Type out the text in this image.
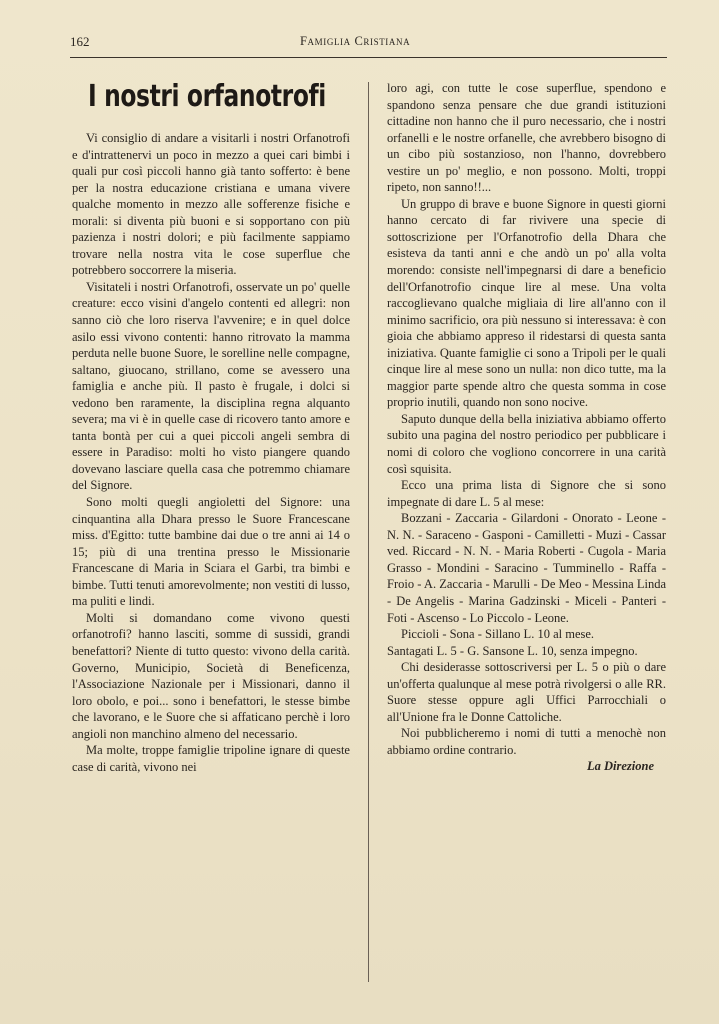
162	Famiglia Cristiana
I nostri orfanotrofi

Vi consiglio di andare a visitarli i nostri Orfanotrofi e d'intrattenervi un poco in mezzo a quei cari bimbi i quali pur così piccoli hanno già tanto sofferto: è bene per la nostra educazione cristiana e umana vivere qualche momento in mezzo alle sofferenze fisiche e morali: si diventa più buoni e si sopportano con più pazienza i nostri dolori; e più facilmente sappiamo trovare nella nostra vita le cose superflue che potrebbero soccorrere la miseria.

Visitateli i nostri Orfanotrofi, osservate un po' quelle creature: ecco visini d'angelo contenti ed allegri: non sanno ciò che loro riserva l'avvenire; e in quel dolce asilo essi vivono contenti: hanno ritrovato la mamma perduta nelle buone Suore, le sorelline nelle compagne, saltano, giuocano, strillano, come se avessero una famiglia e anche più. Il pasto è frugale, i dolci si vedono ben raramente, la disciplina regna alquanto severa; ma vi è in quelle case di ricovero tanto amore e tanta bontà per cui a quei piccoli angeli sembra di essere in Paradiso: molti ho visto piangere quando dovevano lasciare quella casa che potremmo chiamare del Signore.

Sono molti quegli angioletti del Signore: una cinquantina alla Dhara presso le Suore Francescane miss. d'Egitto: tutte bambine dai due o tre anni ai 14 o 15; più di una trentina presso le Missionarie Francescane di Maria in Sciara el Garbi, tra bimbi e bimbe. Tutti tenuti amorevolmente; non vestiti di lusso, ma puliti e lindi.

Molti si domandano come vivono questi orfanotrofi? hanno lasciti, somme di sussidi, grandi benefattori? Niente di tutto questo: vivono della carità. Governo, Municipio, Società di Beneficenza, l'Associazione Nazionale per i Missionari, danno il loro obolo, e poi... sono i benefattori, le stesse bimbe che lavorano, e le Suore che si affaticano perchè i loro angioli non manchino almeno del necessario.

Ma molte, troppe famiglie tripoline ignare di queste case di carità, vivono nei

loro agi, con tutte le cose superflue, spendono e spandono senza pensare che due grandi istituzioni cittadine non hanno che il puro necessario, che i nostri orfanelli e le nostre orfanelle, che avrebbero bisogno di un cibo più sostanzioso, non l'hanno, dovrebbero vestire un po' meglio, e non possono. Molti, troppi ripeto, non sanno!!...

Un gruppo di brave e buone Signore in questi giorni hanno cercato di far rivivere una specie di sottoscrizione per l'Orfanotrofio della Dhara che esisteva da tanti anni e che andò un po' alla volta morendo: consiste nell'impegnarsi di dare a beneficio dell'Orfanotrofio cinque lire al mese. Una volta raccoglievano qualche migliaia di lire all'anno con il minimo sacrificio, ora più nessuno si interessava: è con gioia che abbiamo appreso il ridestarsi di questa santa iniziativa. Quante famiglie ci sono a Tripoli per le quali cinque lire al mese sono un nulla: non dico tutte, ma la maggior parte spende altro che questa somma in cose proprio inutili, quando non sono nocive.

Saputo dunque della bella iniziativa abbiamo offerto subito una pagina del nostro periodico per pubblicare i nomi di coloro che vogliono concorrere in una carità così squisita.

Ecco una prima lista di Signore che si sono impegnate di dare L. 5 al mese:

Bozzani - Zaccaria - Gilardoni - Onorato - Leone - N. N. - Saraceno - Gasponi - Camilletti - Muzi - Cassar ved. Riccard - N. N. - Maria Roberti - Cugola - Maria Grasso - Mondini - Saracino - Tumminello - Raffa - Froio - A. Zaccaria - Marulli - De Meo - Messina Linda - De Angelis - Marina Gadzinski - Miceli - Panteri - Foti - Ascenso - Lo Piccolo - Leone.

Piccioli - Sona - Sillano L. 10 al mese.

Santagati L. 5 - G. Sansone L. 10, senza impegno.

Chi desiderasse sottoscriversi per L. 5 o più o dare un'offerta qualunque al mese potrà rivolgersi o alle RR. Suore stesse oppure agli Uffici Parrocchiali o all'Unione fra le Donne Cattoliche.

Noi pubblicheremo i nomi di tutti a menochè non abbiamo ordine contrario.

La Direzione
